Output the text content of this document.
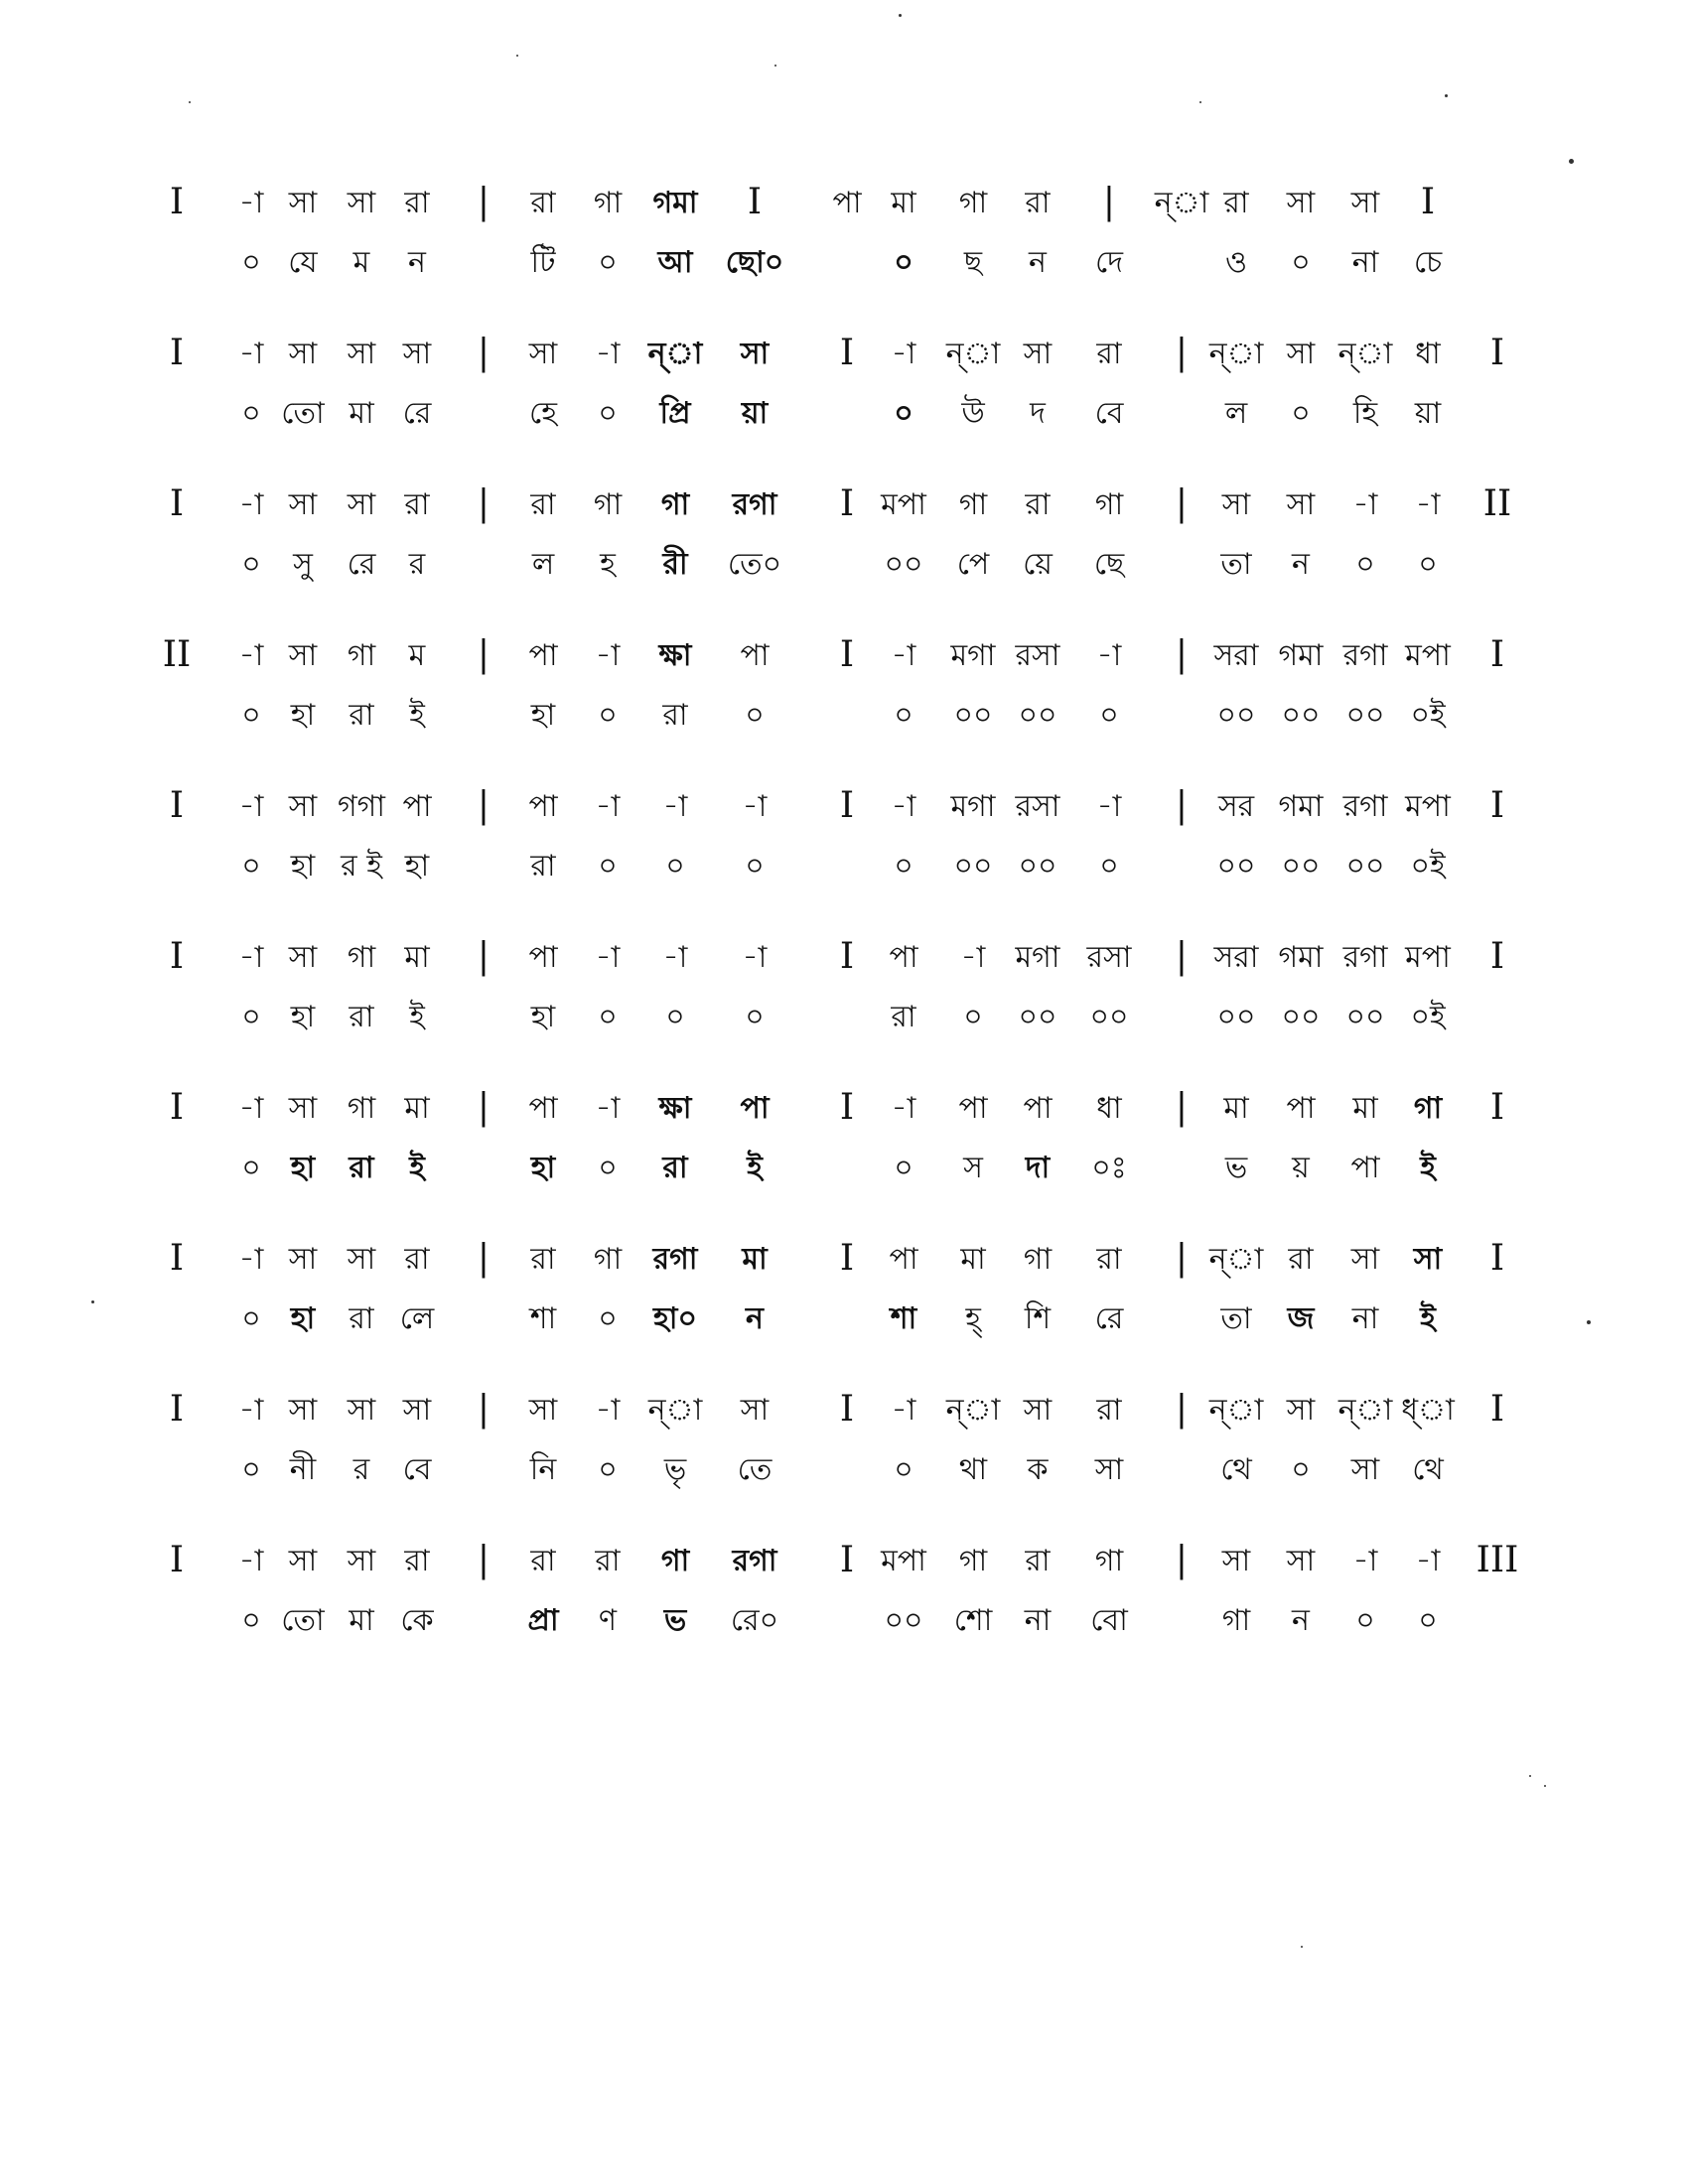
I -া সা সা রা | রা গা গমা I পা মা গা রা | ন্া রা সা সা I
০ যে ম ন	টি ০ আ ছো০	০ ছ ন দে	ও ০ না চে
I -া সা সা সা | সা -া ন্া সা I -া ন্া সা রা | ন্া সা ন্া ধা I
০ তো মা রে	হে ০ প্রি য়া	০ উ দ বে	ল ০ হি য়া
I -া সা সা রা | রা গা গা রগা I মপা গা রা গা | সা সা -া -া II
০ সু রে র	ল হ রী তে০	০০ পে য়ে ছে	তা ন ০ ০
II -া সা গা ম | পা -া ক্ষা পা I -া মগা রসা -া | সরা গমা রগা মপা I
০ হা রা ই	হা ০ রা ০	০ ০০ ০০ ০	০০ ০০ ০০ ০ই
I -া সা গগা পা | পা -া -া -া I -া মগা রসা -া | সর গমা রগা মপা I
০ হা র ই হা	রা ০ ০ ০	০ ০০ ০০ ০	০০ ০০ ০০ ০ই
I -া সা গা মা | পা -া -া -া I পা -া মগা রসা | সরা গমা রগা মপা I
০ হা রা ই	হা ০ ০ ০	রা ০ ০০ ০০	০০ ০০ ০০ ০ই
I -া সা গা মা | পা -া ক্ষা পা I -া পা পা ধা | মা পা মা গা I
০ হা রা ই	হা ০ রা ই	০ স দা ০ঃ	ভ য় পা ই
I -া সা সা রা | রা গা রগা মা I পা মা গা রা | ন্া রা সা সা I
০ হা রা লে	শা ০ হা০ ন	শা হ্ শি রে	তা জ না ই
I -া সা সা সা | সা -া ন্া সা I -া ন্া সা রা | ন্া সা ন্া ধ্া I
০ নী র বে	নি ০ ভৃ তে	০ থা ক সা	থে ০ সা থে
I -া সা সা রা | রা রা গা রগা I মপা গা রা গা | সা সা -া -া III
০ তো মা কে	প্রা ণ ভ রে০	০০ শো না বো	গা ন ০ ০
